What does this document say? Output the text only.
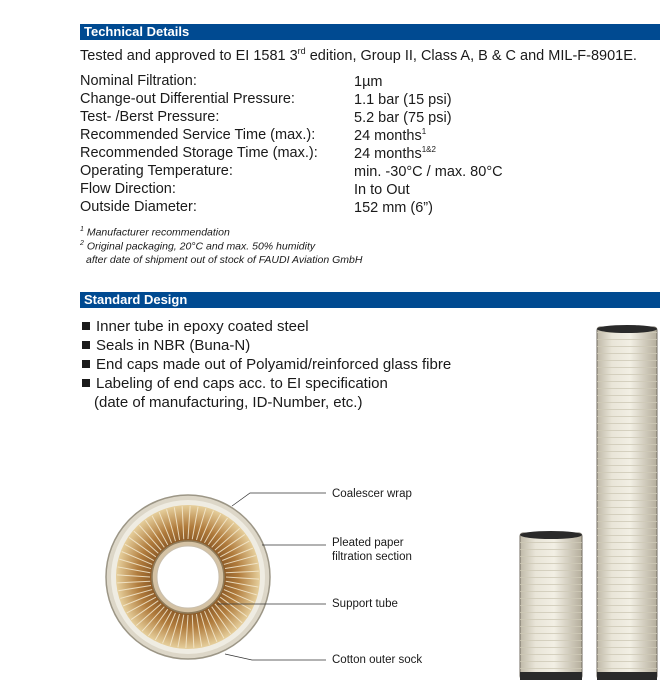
Technical Details
Tested and approved to EI 1581 3rd edition, Group II, Class A, B & C and MIL-F-8901E.
Nominal Filtration:	1µm
Change-out Differential Pressure:	1.1 bar (15 psi)
Test- /Berst Pressure:	5.2 bar (75 psi)
Recommended Service Time (max.):	24 months$^1$
Recommended Storage Time (max.):	24 months$^{1\&2}$
Operating Temperature:	min. -30°C / max. 80°C
Flow Direction:	In to Out
Outside Diameter:	152 mm (6”)
$^1$ Manufacturer recommendation
$^2$ Original packaging, 20°C and max. 50% humidity
after date of shipment out of stock of FAUDI Aviation GmbH
Standard Design
Inner tube in epoxy coated steel
Seals in NBR (Buna-N)
End caps made out of Polyamid/reinforced glass fibre
Labeling of end caps acc. to EI specification
(date of manufacturing, ID-Number, etc.)
Coalescer wrap
Pleated paper
filtration section
Support tube
Cotton outer sock
